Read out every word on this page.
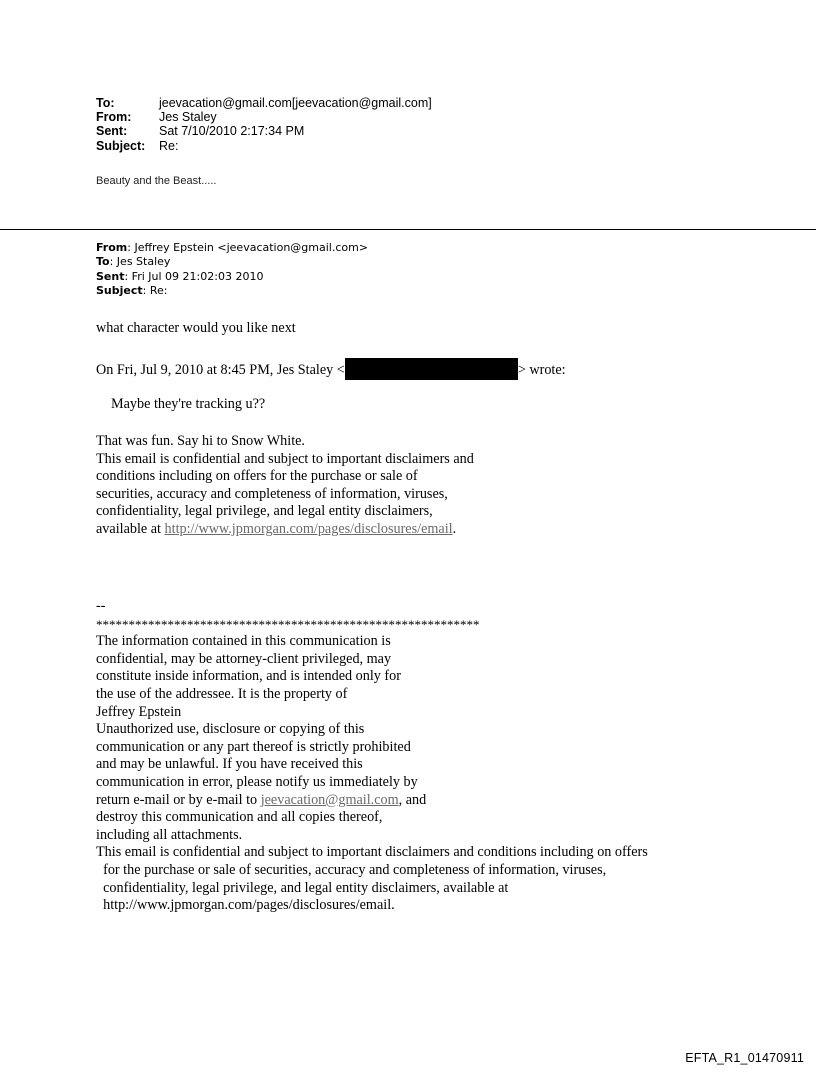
To:	jeevacation@gmail.com[jeevacation@gmail.com]
From:	Jes Staley
Sent:	Sat 7/10/2010 2:17:34 PM
Subject:	Re:
Beauty and the Beast.....
From: Jeffrey Epstein <jeevacation@gmail.com>
To: Jes Staley
Sent: Fri Jul 09 21:02:03 2010
Subject: Re:
what character would you like next
On Fri, Jul 9, 2010 at 8:45 PM, Jes Staley <	> wrote:
Maybe they're tracking u??
That was fun. Say hi to Snow White.
This email is confidential and subject to important disclaimers and
conditions including on offers for the purchase or sale of
securities, accuracy and completeness of information, viruses,
confidentiality, legal privilege, and legal entity disclaimers,
available at http://www.jpmorgan.com/pages/disclosures/email.
--
***********************************************************
The information contained in this communication is
confidential, may be attorney-client privileged, may
constitute inside information, and is intended only for
the use of the addressee. It is the property of
Jeffrey Epstein
Unauthorized use, disclosure or copying of this
communication or any part thereof is strictly prohibited
and may be unlawful. If you have received this
communication in error, please notify us immediately by
return e-mail or by e-mail to jeevacation@gmail.com, and
destroy this communication and all copies thereof,
including all attachments.
This email is confidential and subject to important disclaimers and conditions including on offers
for the purchase or sale of securities, accuracy and completeness of information, viruses,
confidentiality, legal privilege, and legal entity disclaimers, available at
http://www.jpmorgan.com/pages/disclosures/email.
EFTA_R1_01470911
